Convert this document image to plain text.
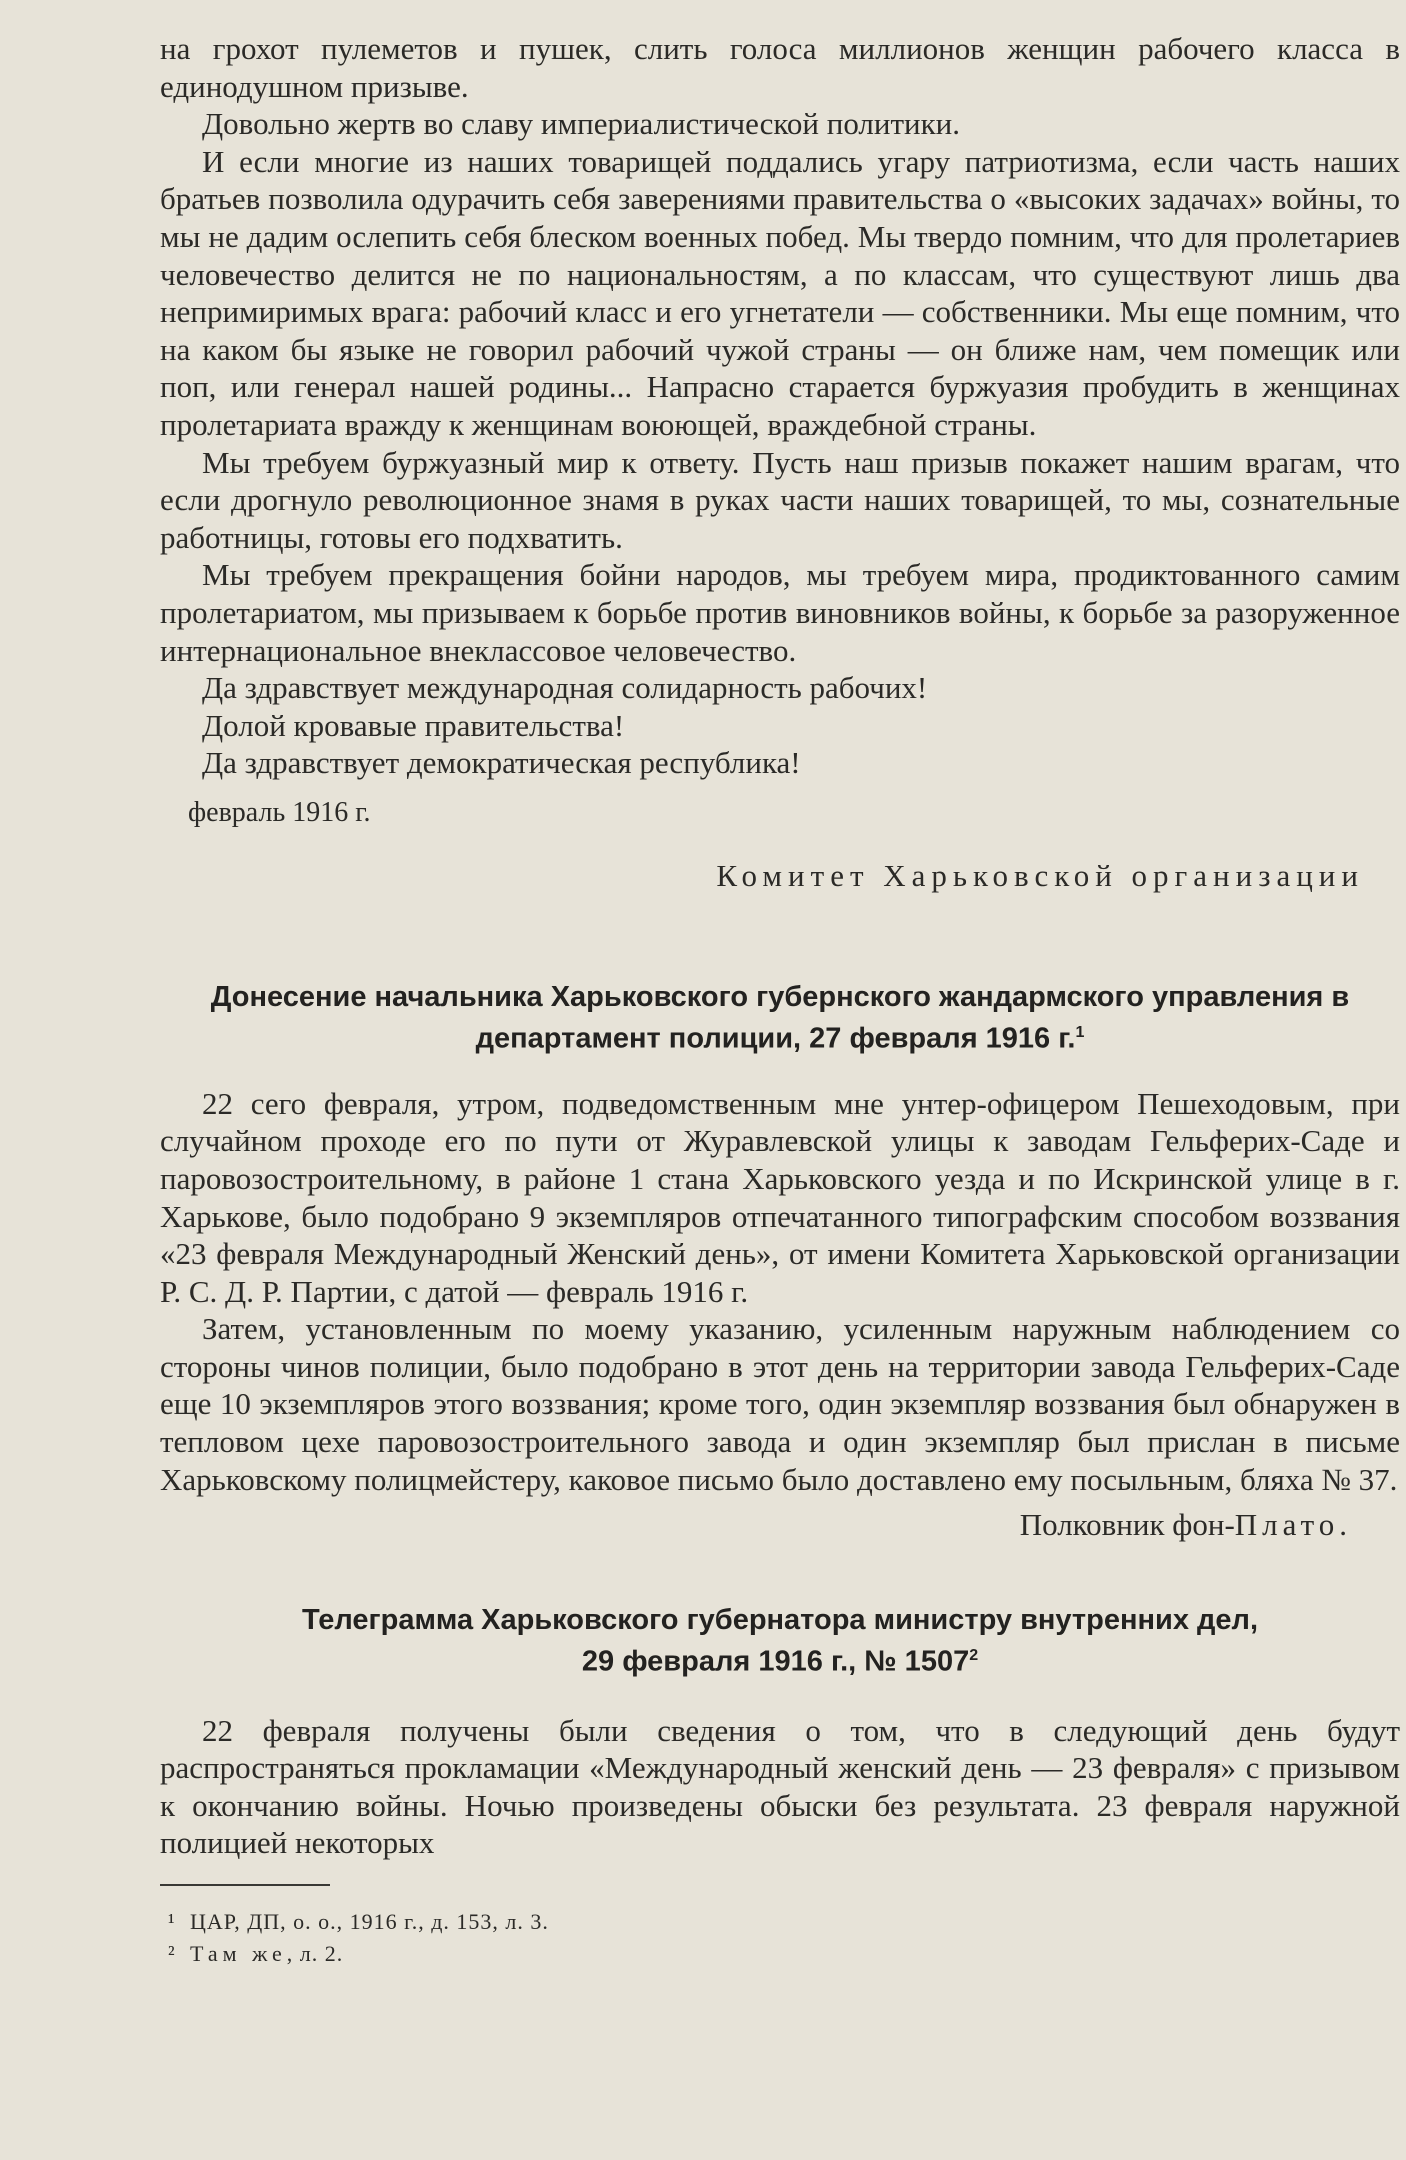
на грохот пулеметов и пушек, слить голоса миллионов женщин рабочего класса в единодушном призыве.

Довольно жертв во славу империалистической политики.

И если многие из наших товарищей поддались угару патриотизма, если часть наших братьев позволила одурачить себя заверениями правительства о «высоких задачах» войны, то мы не дадим ослепить себя блеском военных побед. Мы твердо помним, что для пролетариев человечество делится не по национальностям, а по классам, что существуют лишь два непримиримых врага: рабочий класс и его угнетатели — собственники. Мы еще помним, что на каком бы языке не говорил рабочий чужой страны — он ближе нам, чем помещик или поп, или генерал нашей родины... Напрасно старается буржуазия пробудить в женщинах пролетариата вражду к женщинам воюющей, враждебной страны.

Мы требуем буржуазный мир к ответу. Пусть наш призыв покажет нашим врагам, что если дрогнуло революционное знамя в руках части наших товарищей, то мы, сознательные работницы, готовы его подхватить.

Мы требуем прекращения бойни народов, мы требуем мира, продиктованного самим пролетариатом, мы призываем к борьбе против виновников войны, к борьбе за разоруженное интернациональное внеклассовое человечество.

Да здравствует международная солидарность рабочих!
Долой кровавые правительства!
Да здравствует демократическая республика!
февраль 1916 г.
Комитет Харьковской организации
Донесение начальника Харьковского губернского жандармского управления в департамент полиции, 27 февраля 1916 г.$^1$

22 сего февраля, утром, подведомственным мне унтер-офицером Пешеходовым, при случайном проходе его по пути от Журавлевской улицы к заводам Гельферих-Саде и паровозостроительному, в районе 1 стана Харьковского уезда и по Искринской улице в г. Харькове, было подобрано 9 экземпляров отпечатанного типографским способом воззвания «23 февраля Международный Женский день», от имени Комитета Харьковской организации Р. С. Д. Р. Партии, с датой — февраль 1916 г.

Затем, установленным по моему указанию, усиленным наружным наблюдением со стороны чинов полиции, было подобрано в этот день на территории завода Гельферих-Саде еще 10 экземпляров этого воззвания; кроме того, один экземпляр воззвания был обнаружен в тепловом цехе паровозостроительного завода и один экземпляр был прислан в письме Харьковскому полицмейстеру, каковое письмо было доставлено ему посыльным, бляха № 37.

Полковник фон-Плато.
Телеграмма Харьковского губернатора министру внутренних дел,
29 февраля 1916 г., № 1507$^2$

22 февраля получены были сведения о том, что в следующий день будут распространяться прокламации «Международный женский день — 23 февраля» с призывом к окончанию войны. Ночью произведены обыски без результата. 23 февраля наружной полицией некоторых

¹ ЦАР, ДП, о. о., 1916 г., д. 153, л. 3.
² Там же, л. 2.
